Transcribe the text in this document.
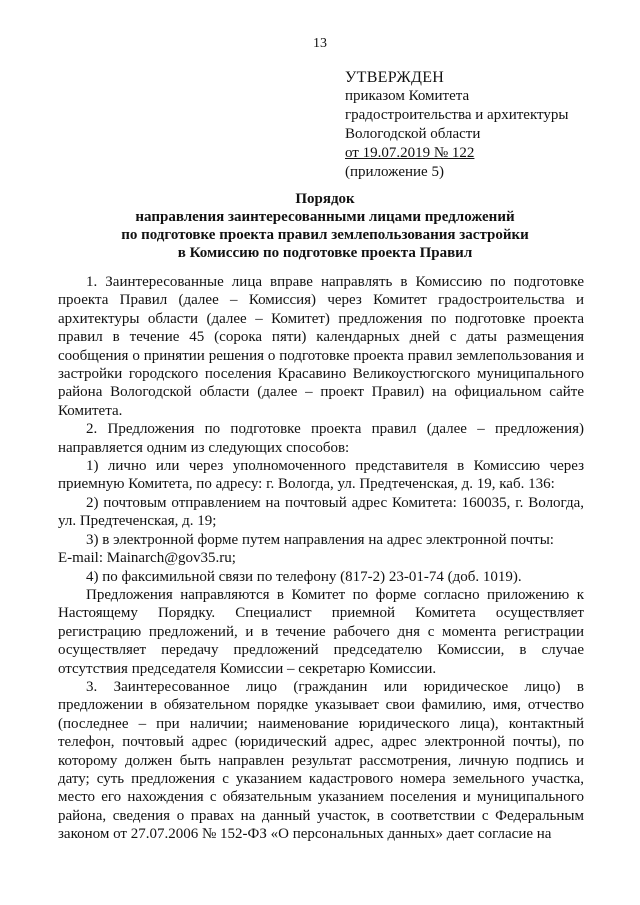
13
УТВЕРЖДЕН
приказом Комитета
градостроительства и архитектуры
Вологодской области
от 19.07.2019 № 122
(приложение 5)
Порядок
направления заинтересованными лицами предложений
по подготовке проекта правил землепользования застройки
в Комиссию по подготовке проекта Правил

1. Заинтересованные лица вправе направлять в Комиссию по подготовке проекта Правил (далее – Комиссия) через Комитет градостроительства и архитектуры области (далее – Комитет) предложения по подготовке проекта правил в течение 45 (сорока пяти) календарных дней с даты размещения сообщения о принятии решения о подготовке проекта правил землепользования и застройки городского поселения Красавино Великоустюгского муниципального района Вологодской области (далее – проект Правил) на официальном сайте Комитета.

2. Предложения по подготовке проекта правил (далее – предложения) направляется одним из следующих способов:

1) лично или через уполномоченного представителя в Комиссию через приемную Комитета, по адресу: г. Вологда, ул. Предтеченская, д. 19, каб. 136:

2) почтовым отправлением на почтовый адрес Комитета: 160035, г. Вологда, ул. Предтеченская, д. 19;

3) в электронной форме путем направления на адрес электронной почты:

E-mail: Mainarch@gov35.ru;

4) по факсимильной связи по телефону (817-2) 23-01-74 (доб. 1019).

Предложения направляются в Комитет по форме согласно приложению к Настоящему Порядку. Специалист приемной Комитета осуществляет регистрацию предложений, и в течение рабочего дня с момента регистрации осуществляет передачу предложений председателю Комиссии, в случае отсутствия председателя Комиссии – секретарю Комиссии.

3. Заинтересованное лицо (гражданин или юридическое лицо) в предложении в обязательном порядке указывает свои фамилию, имя, отчество (последнее – при наличии; наименование юридического лица), контактный телефон, почтовый адрес (юридический адрес, адрес электронной почты), по которому должен быть направлен результат рассмотрения, личную подпись и дату; суть предложения с указанием кадастрового номера земельного участка, место его нахождения с обязательным указанием поселения и муниципального района, сведения о правах на данный участок, в соответствии с Федеральным законом от 27.07.2006 № 152-ФЗ «О персональных данных» дает согласие на
